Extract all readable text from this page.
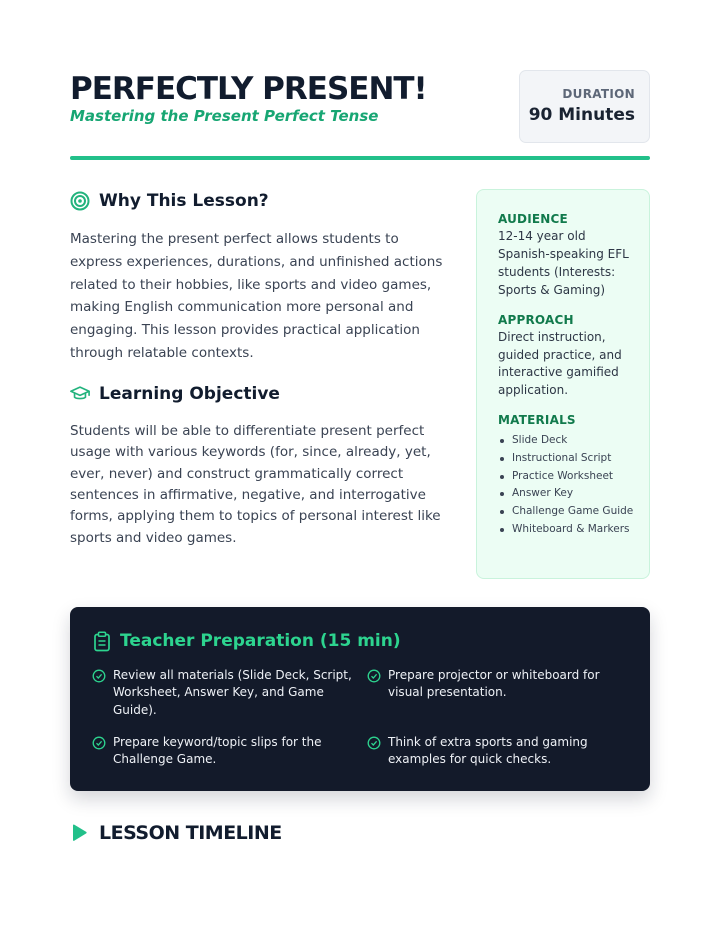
PERFECTLY PRESENT!
Mastering the Present Perfect Tense
DURATION
90 Minutes
Why This Lesson?

Mastering the present perfect allows students to express experiences, durations, and unfinished actions related to their hobbies, like sports and video games, making English communication more personal and engaging. This lesson provides practical application through relatable contexts.

Learning Objective

Students will be able to differentiate present perfect usage with various keywords (for, since, already, yet, ever, never) and construct grammatically correct sentences in affirmative, negative, and interrogative forms, applying them to topics of personal interest like sports and video games.

AUDIENCE
12-14 year old Spanish-speaking EFL students (Interests: Sports & Gaming)
APPROACH
Direct instruction, guided practice, and interactive gamified application.
MATERIALS
Slide Deck
Instructional Script
Practice Worksheet
Answer Key
Challenge Game Guide
Whiteboard & Markers
Teacher Preparation (15 min)
Review all materials (Slide Deck, Script, Worksheet, Answer Key, and Game Guide).
Prepare projector or whiteboard for visual presentation.
Prepare keyword/topic slips for the Challenge Game.
Think of extra sports and gaming examples for quick checks.
LESSON TIMELINE
